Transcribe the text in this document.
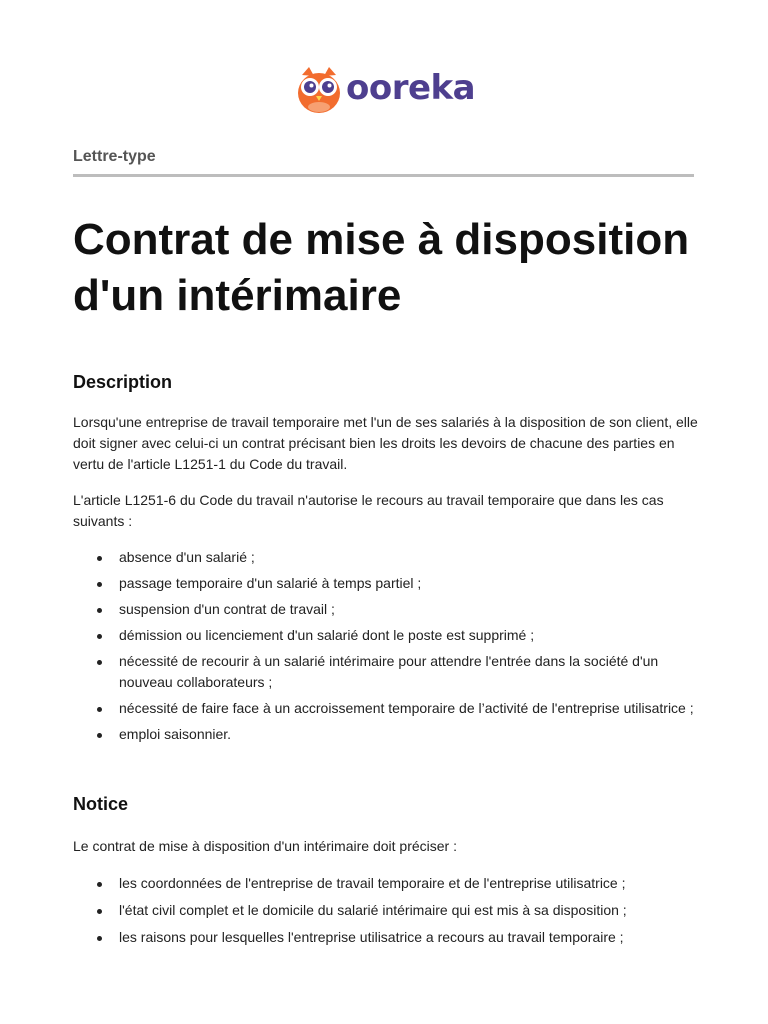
ooreka
Lettre-type
Contrat de mise à disposition d'un intérimaire
Description

Lorsqu'une entreprise de travail temporaire met l'un de ses salariés à la disposition de son client, elle doit signer avec celui-ci un contrat précisant bien les droits les devoirs de chacune des parties en vertu de l'article L1251-1 du Code du travail.

L'article L1251-6 du Code du travail n'autorise le recours au travail temporaire que dans les cas suivants :

absence d'un salarié ;
passage temporaire d'un salarié à temps partiel ;
suspension d'un contrat de travail ;
démission ou licenciement d'un salarié dont le poste est supprimé ;
nécessité de recourir à un salarié intérimaire pour attendre l'entrée dans la société d'un nouveau collaborateurs ;
nécessité de faire face à un accroissement temporaire de l’activité de l'entreprise utilisatrice ;
emploi saisonnier.
Notice

Le contrat de mise à disposition d'un intérimaire doit préciser :

les coordonnées de l'entreprise de travail temporaire et de l'entreprise utilisatrice ;
l'état civil complet et le domicile du salarié intérimaire qui est mis à sa disposition ;
les raisons pour lesquelles l'entreprise utilisatrice a recours au travail temporaire ;
